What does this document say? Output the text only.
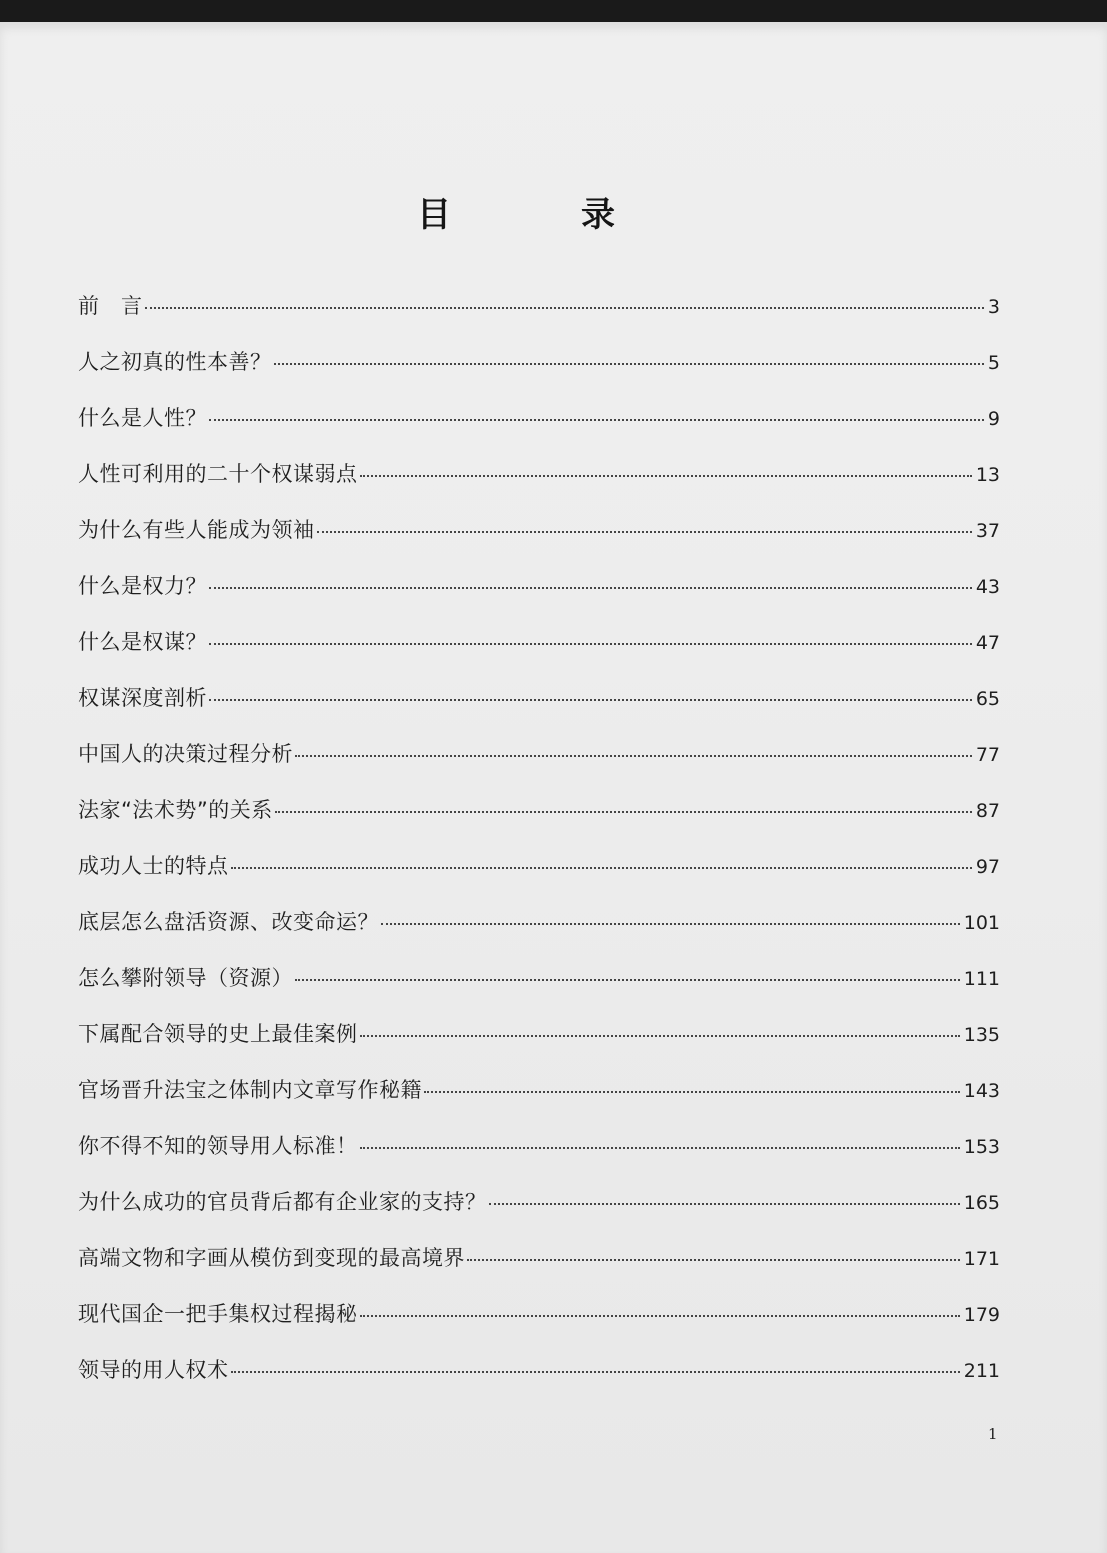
目　录
前　言	3
人之初真的性本善？	5
什么是人性？	9
人性可利用的二十个权谋弱点	13
为什么有些人能成为领袖	37
什么是权力？	43
什么是权谋？	47
权谋深度剖析	65
中国人的决策过程分析	77
法家“法术势”的关系	87
成功人士的特点	97
底层怎么盘活资源、改变命运？	101
怎么攀附领导（资源）	111
下属配合领导的史上最佳案例	135
官场晋升法宝之体制内文章写作秘籍	143
你不得不知的领导用人标准！	153
为什么成功的官员背后都有企业家的支持？	165
高端文物和字画从模仿到变现的最高境界	171
现代国企一把手集权过程揭秘	179
领导的用人权术	211
1
